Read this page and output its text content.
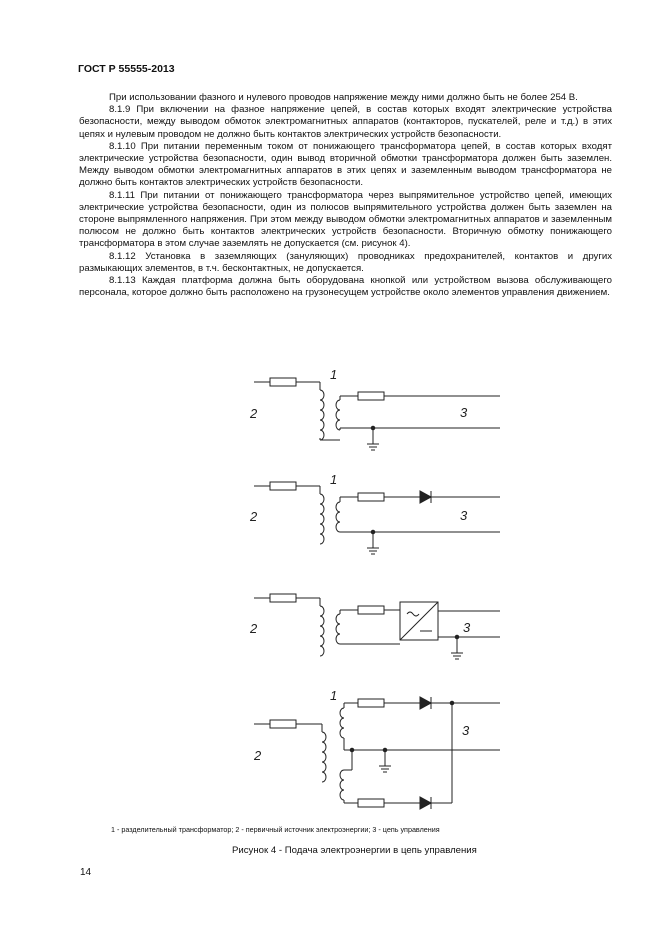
ГОСТ Р 55555-2013

При использовании фазного и нулевого проводов напряжение между ними должно быть не более 254 В.

8.1.9 При включении на фазное напряжение цепей, в состав которых входят электрические устройства безопасности, между выводом обмоток электромагнитных аппаратов (контакторов, пускателей, реле и т.д.) в этих цепях и нулевым проводом не должно быть контактов электрических устройств безопасности.

8.1.10 При питании переменным током от понижающего трансформатора цепей, в состав которых входят электрические устройства безопасности, один вывод вторичной обмотки трансформатора должен быть заземлен. Между выводом обмотки электромагнитных аппаратов в этих цепях и заземленным выводом трансформатора не должно быть контактов электрических устройств безопасности.

8.1.11 При питании от понижающего трансформатора через выпрямительное устройство цепей, имеющих электрические устройства безопасности, один из полюсов выпрямительного устройства должен быть заземлен на стороне выпрямленного напряжения. При этом между выводом обмотки электромагнитных аппаратов и заземленным полюсом не должно быть контактов электрических устройств безопасности. Вторичную обмотку понижающего трансформатора в этом случае заземлять не допускается (см. рисунок 4).

8.1.12 Установка в заземляющих (зануляющих) проводниках предохранителей, контактов и других размыкающих элементов, в т.ч. бесконтактных, не допускается.

8.1.13 Каждая платформа должна быть оборудована кнопкой или устройством вызова обслуживающего персонала, которое должно быть расположено на грузонесущем устройстве около элементов управления движением.

2
1
3
2
1
3
2	3
2
1
3
1 - разделительный трансформатор; 2 - первичный источник электроэнергии; 3 - цепь управления
Рисунок 4 - Подача электроэнергии в цепь управления
14
